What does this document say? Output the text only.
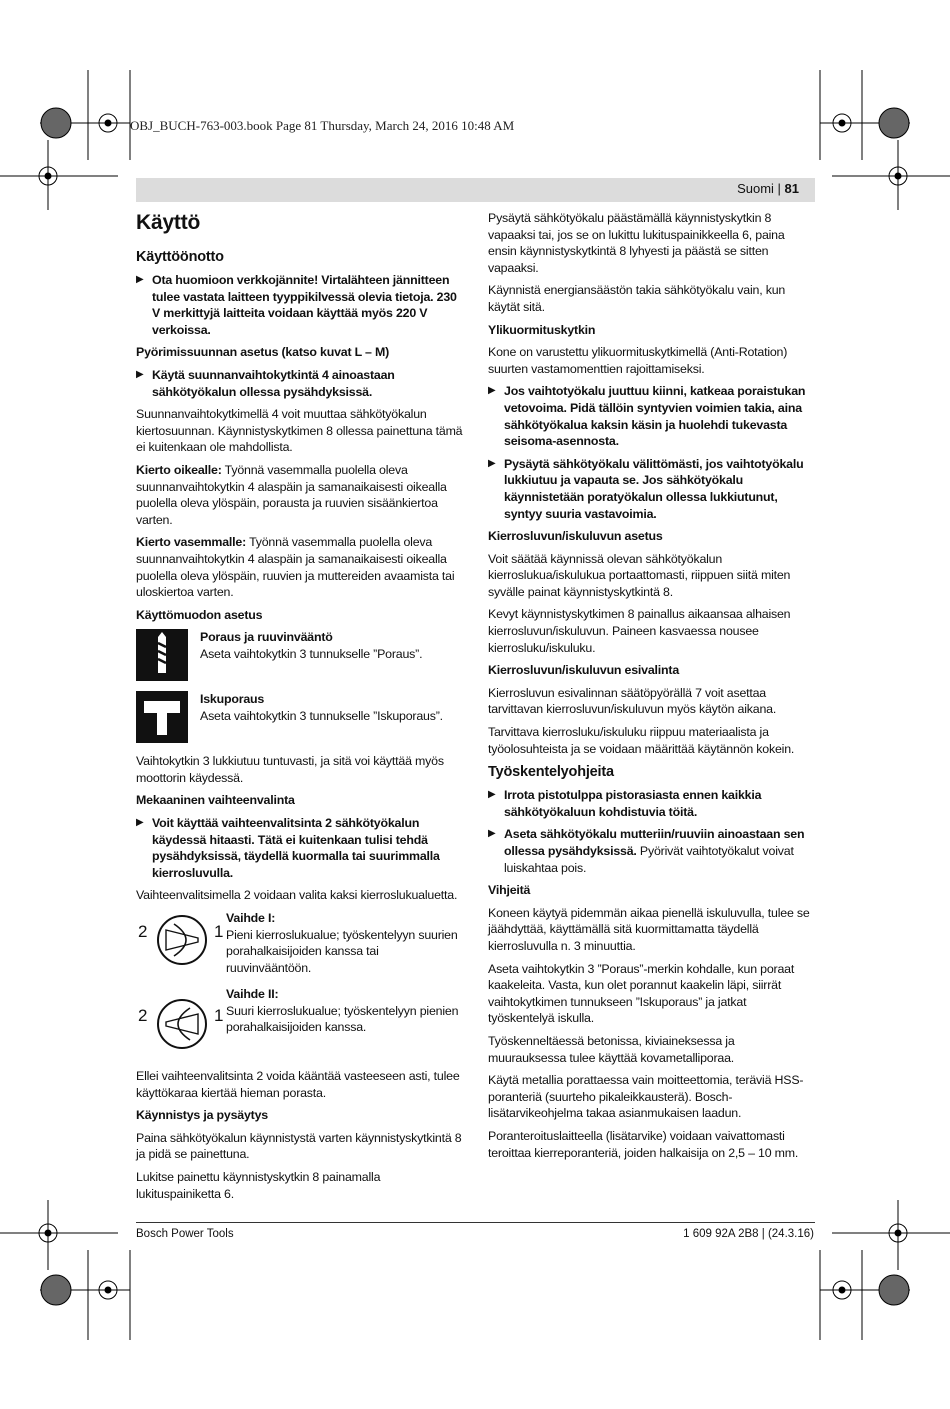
OBJ_BUCH-763-003.book Page 81 Thursday, March 24, 2016 10:48 AM
Suomi | 81
Käyttö
Käyttöönotto
▶ Ota huomioon verkkojännite! Virtalähteen jännitteen tulee vastata laitteen tyyppikilvessä olevia tietoja. 230 V merkittyjä laitteita voidaan käyttää myös 220 V verkoissa.
Pyörimissuunnan asetus (katso kuvat L – M)
▶ Käytä suunnanvaihtokytkintä 4 ainoastaan sähkötyökalun ollessa pysähdyksissä.

Suunnanvaihtokytkimellä 4 voit muuttaa sähkötyökalun kiertosuunnan. Käynnistyskytkimen 8 ollessa painettuna tämä ei kuitenkaan ole mahdollista.

Kierto oikealle: Työnnä vasemmalla puolella oleva suunnanvaihtokytkin 4 alaspäin ja samanaikaisesti oikealla puolella oleva ylöspäin, porausta ja ruuvien sisäänkiertoa varten.

Kierto vasemmalle: Työnnä vasemmalla puolella oleva suunnanvaihtokytkin 4 alaspäin ja samanaikaisesti oikealla puolella oleva ylöspäin, ruuvien ja muttereiden avaamista tai uloskiertoa varten.

Käyttömuodon asetus
Poraus ja ruuvinvääntö
Aseta vaihtokytkin 3 tunnukselle ”Poraus”.
Iskuporaus
Aseta vaihtokytkin 3 tunnukselle ”Iskuporaus”.

Vaihtokytkin 3 lukkiutuu tuntuvasti, ja sitä voi käyttää myös moottorin käydessä.

Mekaaninen vaihteenvalinta
▶ Voit käyttää vaihteenvalitsinta 2 sähkötyökalun käydessä hitaasti. Tätä ei kuitenkaan tulisi tehdä pysähdyksissä, täydellä kuormalla tai suurimmalla kierrosluvulla.

Vaihteenvalitsimella 2 voidaan valita kaksi kierroslukualuetta.

2	1
Vaihde I:
Pieni kierroslukualue; työskentelyyn suurien porahalkaisijoiden kanssa tai ruuvinvääntöön.
2	1
Vaihde II:
Suuri kierroslukualue; työskentelyyn pienien porahalkaisijoiden kanssa.

Ellei vaihteenvalitsinta 2 voida kääntää vasteeseen asti, tulee käyttökaraa kiertää hieman porastа.

Käynnistys ja pysäytys

Paina sähkötyökalun käynnistystä varten käynnistyskytkintä 8 ja pidä se painettuna.

Lukitse painettu käynnistyskytkin 8 painamalla lukituspainiketta 6.

Pysäytä sähkötyökalu päästämällä käynnistyskytkin 8 vapaaksi tai, jos se on lukittu lukituspainikkeella 6, paina ensin käynnistyskytkintä 8 lyhyesti ja päästä se sitten vapaaksi.

Käynnistä energiansäästön takia sähkötyökalu vain, kun käytät sitä.

Ylikuormituskytkin

Kone on varustettu ylikuormituskytkimellä (Anti-Rotation) suurten vastamomenttien rajoittamiseksi.

▶ Jos vaihtotyökalu juuttuu kiinni, katkeaa poraistukan vetovoima. Pidä tällöin syntyvien voimien takia, aina sähkötyökalua kaksin käsin ja huolehdi tukevasta seisoma-asennosta.
▶ Pysäytä sähkötyökalu välittömästi, jos vaihtotyökalu lukkiutuu ja vapauta se. Jos sähkötyökalu käynnistetään poratyökalun ollessa lukkiutunut, syntyy suuria vastavoimia.
Kierrosluvun/iskuluvun asetus

Voit säätää käynnissä olevan sähkötyökalun kierroslukua/iskulukua portaattomasti, riippuen siitä miten syvälle painat käynnistyskytkintä 8.

Kevyt käynnistyskytkimen 8 painallus aikaansaa alhaisen kierrosluvun/iskuluvun. Paineen kasvaessa nousee kierrosluku/iskuluku.

Kierrosluvun/iskuluvun esivalinta

Kierrosluvun esivalinnan säätöpyörällä 7 voit asettaa tarvittavan kierrosluvun/iskuluvun myös käytön aikana.

Tarvittava kierrosluku/iskuluku riippuu materiaalista ja työolosuhteista ja se voidaan määrittää käytännön kokein.

Työskentelyohjeita
▶ Irrota pistotulppa pistorasiasta ennen kaikkia sähkötyökaluun kohdistuvia töitä.
▶ Aseta sähkötyökalu mutteriin/ruuviin ainoastaan sen ollessa pysähdyksissä. Pyörivät vaihtotyökalut voivat luiskahtaa pois.
Vihjeitä

Koneen käytyä pidemmän aikaa pienellä iskuluvulla, tulee se jäähdyttää, käyttämällä sitä kuormittamatta täydellä kierrosluvulla n. 3 minuuttia.

Aseta vaihtokytkin 3 ”Poraus”-merkin kohdalle, kun poraat kaakeleita. Vasta, kun olet porannut kaakelin läpi, siirrät vaihtokytkimen tunnukseen ”Iskuporaus” ja jatkat työskentelyä iskulla.

Työskenneltäessä betonissa, kiviaineksessa ja muurauksessa tulee käyttää kovametalliporaa.

Käytä metallia porattaessa vain moitteettomia, teräviä HSS-poranteriä (suurteho pikaleikkausterä). Bosch-lisätarvikeohjelma takaa asianmukaisen laadun.

Poranteroituslaitteella (lisätarvike) voidaan vaivattomasti teroittaa kierreporanteriä, joiden halkaisija on 2,5 – 10 mm.

Bosch Power Tools	1 609 92A 2B8 | (24.3.16)
